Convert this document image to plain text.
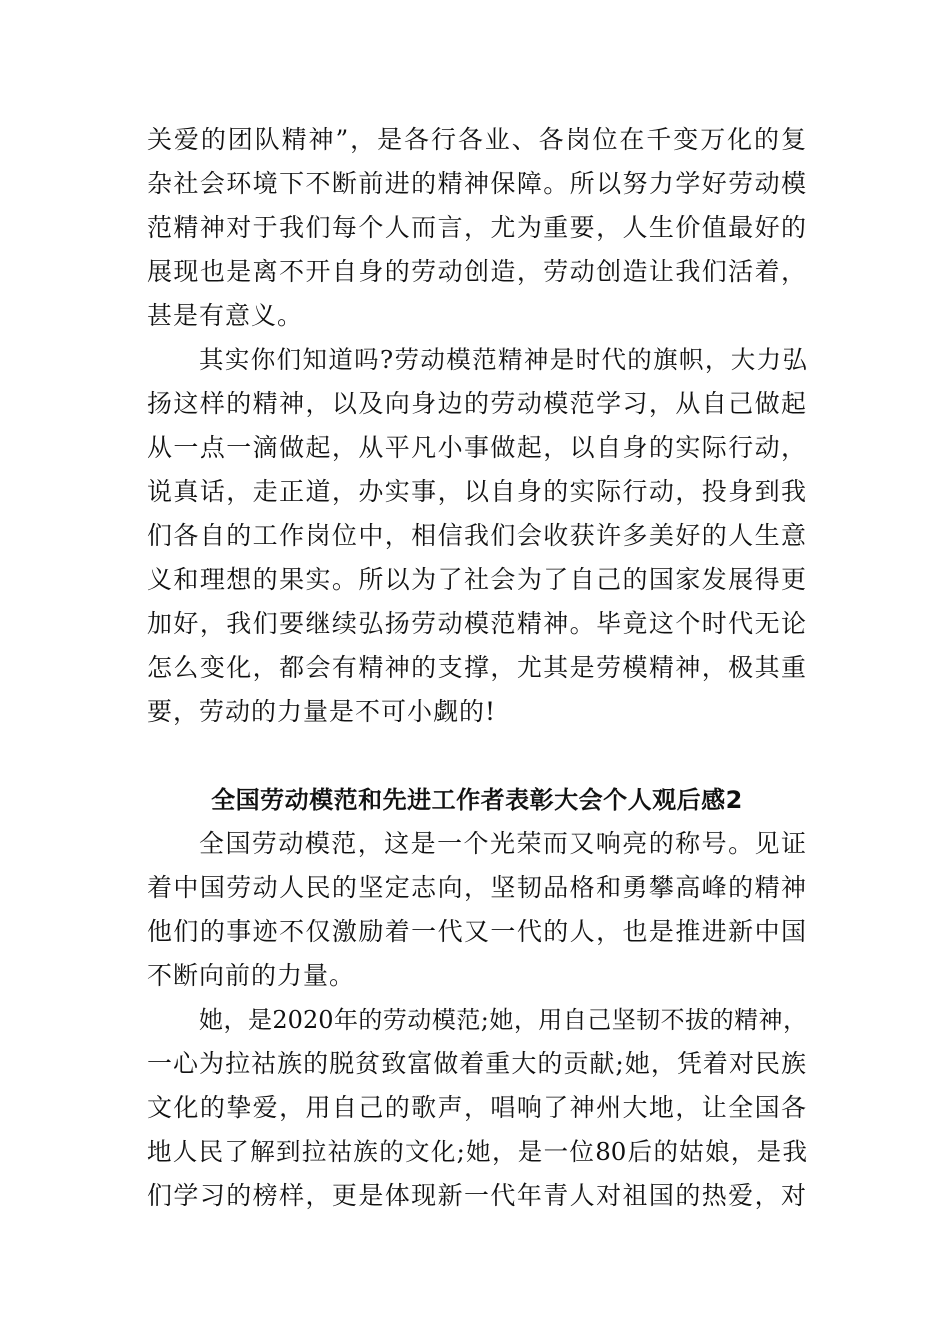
关爱的团队精神”，是各行各业、各岗位在千变万化的复
杂社会环境下不断前进的精神保障。所以努力学好劳动模
范精神对于我们每个人而言，尤为重要，人生价值最好的
展现也是离不开自身的劳动创造，劳动创造让我们活着，
甚是有意义。
其实你们知道吗?劳动模范精神是时代的旗帜，大力弘
扬这样的精神，以及向身边的劳动模范学习，从自己做起
从一点一滴做起，从平凡小事做起，以自身的实际行动，
说真话，走正道，办实事，以自身的实际行动，投身到我
们各自的工作岗位中，相信我们会收获许多美好的人生意
义和理想的果实。所以为了社会为了自己的国家发展得更
加好，我们要继续弘扬劳动模范精神。毕竟这个时代无论
怎么变化，都会有精神的支撑，尤其是劳模精神，极其重
要，劳动的力量是不可小觑的!
全国劳动模范和先进工作者表彰大会个人观后感2
全国劳动模范，这是一个光荣而又响亮的称号。见证
着中国劳动人民的坚定志向，坚韧品格和勇攀高峰的精神
他们的事迹不仅激励着一代又一代的人，也是推进新中国
不断向前的力量。
她，是2020年的劳动模范;她，用自己坚韧不拔的精神，
一心为拉祜族的脱贫致富做着重大的贡献;她，凭着对民族
文化的挚爱，用自己的歌声，唱响了神州大地，让全国各
地人民了解到拉祜族的文化;她，是一位80后的姑娘，是我
们学习的榜样，更是体现新一代年青人对祖国的热爱，对
